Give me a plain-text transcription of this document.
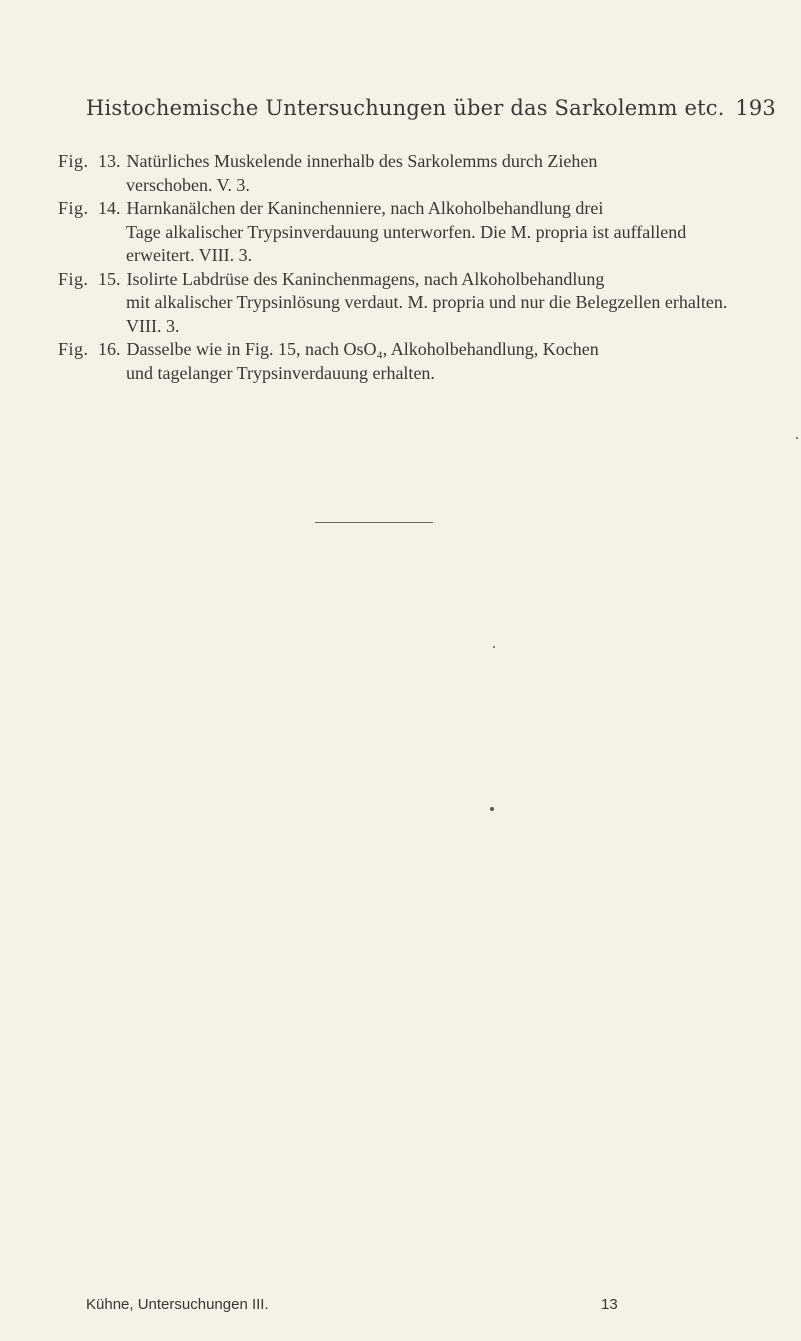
Histochemische Untersuchungen über das Sarkolemm etc. 193

Fig. 13. Natürliches Muskelende innerhalb des Sarkolemms durch Ziehen
verschoben. V. 3.

Fig. 14. Harnkanälchen der Kaninchenniere, nach Alkoholbehandlung drei
Tage alkalischer Trypsinverdauung unterworfen. Die M. propria ist auffallend erweitert. VIII. 3.

Fig. 15. Isolirte Labdrüse des Kaninchenmagens, nach Alkoholbehandlung
mit alkalischer Trypsinlösung verdaut. M. propria und nur die Belegzellen erhalten. VIII. 3.

Fig. 16. Dasselbe wie in Fig. 15, nach OsO₄, Alkoholbehandlung, Kochen
und tagelanger Trypsinverdauung erhalten.

Kühne, Untersuchungen III.	13
